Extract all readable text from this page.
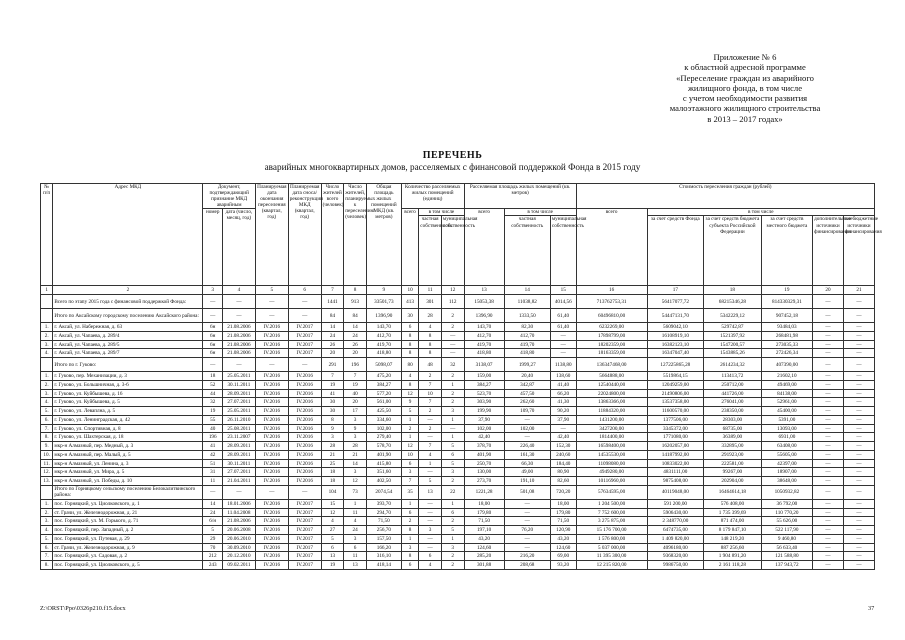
Приложение № 6
к областной адресной программе
«Переселение граждан из аварийного
жилищного фонда, в том числе
с учетом необходимости развития
малоэтажного жилищного строительства
в 2013 – 2017 годах»
ПЕРЕЧЕНЬ
аварийных многоквартирных домов, расселяемых с финансовой поддержкой Фонда в 2015 году
№ п/п	Адрес МКД	Документ, подтверждающий признание МКД аварийным		Планируемая дата окончания переселения (квартал, год)	Планируемая дата сноса/реконструкции МКД (квартал, год)	Число жителей всего (человек)	Число жителей, планируемых к переселению (человек)	Общая площадь жилых помещений МКД (кв. метров)	Количество расселяемых жилых помещений (единиц)			Расселяемая площадь жилых помещений (кв. метров)			Стоимость переселения граждан (рублей)					
		номер	дата (число, месяц, год)						всего	в том числе		всего	в том числе		всего	в том числе				
										частная собственность	муниципальная собственность		частная собственность	муниципальная собственность		за счет средств Фонда	за счет средств бюджета субъекта Российской Федерации	за счет средств местного бюджета	дополнительные источники финансирования	внебюджетные источники финансирования
1	2	3	4	5	6	7	8	9	10	11	12	13	14	15	16	17	18	19	20	21
	Всего по этапу 2015 года с финансовой поддержкой Фонда:	—	—	—	—	1441	913	33501,73	413	301	112	15053,38	11038,82	4014,56	713762753,31	56417077,72	68215346,28	814330329,31	—	—
	Итого по Аксайскому городскому поселению Аксайского района:	—	—	—	—	84	84	1396,90	30	28	2	1396,90	1333,50	61,40	60496810,00	54447131,70	5342229,12	907452,18	—	—
1.	г. Аксай, ул. Набережная, д. 63	6н	21.08.2006	IV.2016	IV.2017	14	14	143,70	6	4	2	143,70	82,30	61,40	6232269,00	5609042,10	529742,87	93484,03	—	—
2.	г. Аксай, ул. Чапаева, д. 289/4	6н	21.08.2006	IV.2016	IV.2017	24	24	412,70	8	8	—	412,70	412,70	—	17898799,00	16108919,10	1521397,92	268481,98	—	—
3.	г. Аксай, ул. Чапаева, д. 289/5	6н	21.08.2006	IV.2016	IV.2017	26	26	419,70	8	8	—	419,70	419,70	—	18202359,00	16382123,10	1547200,57	273035,33	—	—
4.	г. Аксай, ул. Чапаева, д. 289/7	6н	21.08.2006	IV.2016	IV.2017	20	20	418,80	8	8	—	418,80	418,80	—	18163359,00	16347047,40	1543885,26	272426,34	—	—
	Итого по г. Гуково:	—	—	—	—	291	196	5098,07	80	48	32	3138,07	1999,27	1138,80	136347468,00	127225865,28	2614234,32	407390,00	—	—
1.	г. Гуково, пер. Механизации, д. 3	18	25.05.2011	IV.2016	IV.2016	7	7	475,20	4	2	2	159,00	20,40	138,60	5664888,00	5519864,15	113413,72	21602,10	—	—
2.	г. Гуково, ул. Большничная, д. 3-6	52	30.11.2011	IV.2016	IV.2016	19	19	384,27	8	7	1	384,27	342,87	41,40	12540440,00	12049259,00	250712,00	49469,00	—	—
3.	г. Гуково, ул. Куйбышева, д. 16	44	28.09.2011	IV.2016	IV.2016	41	40	577,20	12	10	2	523,70	457,50	66,20	22024800,00	21490806,00	441726,00	84138,00	—	—
4.	г. Гуково, ул. Куйбышева, д. 5	32	27.07.2011	IV.2016	IV.2016	30	20	561,00	9	7	2	303,90	262,60	41,30	13863366,00	13537358,00	276041,00	52961,00	—	—
5.	г. Гуково, ул. Леваплна, д. 5	19	25.05.2011	IV.2016	IV.2016	30	17	425,50	5	2	3	199,90	109,70	90,20	11884320,00	11600570,00	238350,00	45400,00	—	—
6.	г. Гуково, ул. Ленинградская, д. 42	55	26.11.2010	IV.2016	IV.2016	8	3	334,60	1	—	1	37,90	—	37,90	1431200,00	1377506,00	28303,00	5391,00	—	—
7.	г. Гуково, ул. Спортивная, д. 8	40	25.08.2011	IV.2016	IV.2016	9	9	102,00	2	2	—	102,00	102,00	—	3427200,00	3345372,00	68735,00	13093,00	—	—
8.	г. Гуково, ул. Шахтерская, д. 18	196	23.11.2007	IV.2016	IV.2016	3	3	279,40	1	—	1	42,40	—	42,40	1814400,00	1771080,00	36389,00	6931,00	—	—
9.	мкр-н Алмазный, пер. Медный, д. 3	41	28.09.2011	IV.2016	IV.2016	28	28	578,70	12	7	5	378,70	226,40	152,30	16598400,00	16202057,00	332895,00	63408,00	—	—
10.	мкр-н Алмазный, пер. Малый, д. 5	42	28.09.2011	IV.2016	IV.2016	21	21	401,90	10	4	6	401,90	161,30	240,60	14535530,00	14187992,00	291923,00	55605,00	—	—
11.	мкр-н Алмазный, ул. Ленина, д. 3	51	30.11.2011	IV.2016	IV.2016	25	14	415,80	6	1	5	250,70	66,30	184,40	11098080,00	10833022,00	222581,00	42397,00	—	—
12.	мкр-н Алмазный, ул. Мира, д. 5	31	27.07.2011	IV.2016	IV.2016	18	3	351,60	3	—	3	130,00	49,00	80,90	4949280,00	4831111,00	99267,00	18907,00	—	—
13.	мкр-н Алмазный, ул. Победы, д. 10	11	21.04.2011	IV.2016	IV.2016	18	12	402,50	7	5	2	273,70	191,10	82,60	10116960,00	9875408,00	202904,00	38648,00	—	—
	Итого по Горняцкому сельскому поселению Белокалитвинского района:	—	—	—	—	104	73	2074,54	35	13	22	1221,28	501,08	720,20	57634595,00	40119048,00	16464614,18	1050932,82	—	—
1.	пос. Горняцкий, ул. Циолковского, д. 1	14	18.01.2006	IV.2016	IV.2017	15	1	393,70	1	—	1	18,00	—	18,00	1 204 500,00	591 200,00	576 408,00	36 792,00	—	—
2.	ст. Грачи, ул. Железнодорожная, д. 21	24	11.04.2008	IV.2016	IV.2017	12	11	294,70	6	—	6	179,80	—	179,80	7 752 600,00	5906430,00	1 735 399,69	110 770,20	—	—
3.	пос. Горняцкий, ул. М. Горького, д. 71	6/н	21.08.2006	IV.2016	IV.2017	4	4	71,50	2	—	2	71,50	—	71,50	3 275 875,00	2 348770,00	871 474,00	55 626,00	—	—
4.	пос. Горняцкий, пер. Западный, д. 2	5	20.06.2008	IV.2016	IV.2017	27	24	256,70	8	3	5	197,10	76,20	120,90	15 176 700,00	6474735,00	8 179 847,10	522 117,90	—	—
5.	пос. Горняцкий, ул. Путевая, д. 29	29	20.06.2010	IV.2016	IV.2017	5	3	157,50	1	—	1	43,20	—	43,20	1 576 800,00	1 409 820,00	148 219,20	9 460,80	—	—
6.	ст. Грачи, ул. Железнодорожная, д. 9	70	30.09.2010	IV.2016	IV.2017	6	6	166,20	3	—	3	124,60	—	124,60	5 037 000,00	4096180,00	887 256,60	56 633,40	—	—
7.	пос. Горняцкий, ул. Садовая, д. 2	212	20.12.2010	IV.2016	IV.2017	13	11	316,10	8	6	2	285,20	216,20	69,00	11 395 300,00	9368320,00	1 904 891,20	121 588,80	—	—
8.	пос. Горняцкий, ул. Циолковского, д. 5	243	09.02.2011	IV.2016	IV.2017	19	13	418,14	6	4	2	301,88	208,68	93,20	12 215 820,00	9986750,00	2 161 118,28	137 943,72	—	—
Z:\ORST\Ppo\0326p210.f15.docx	37
